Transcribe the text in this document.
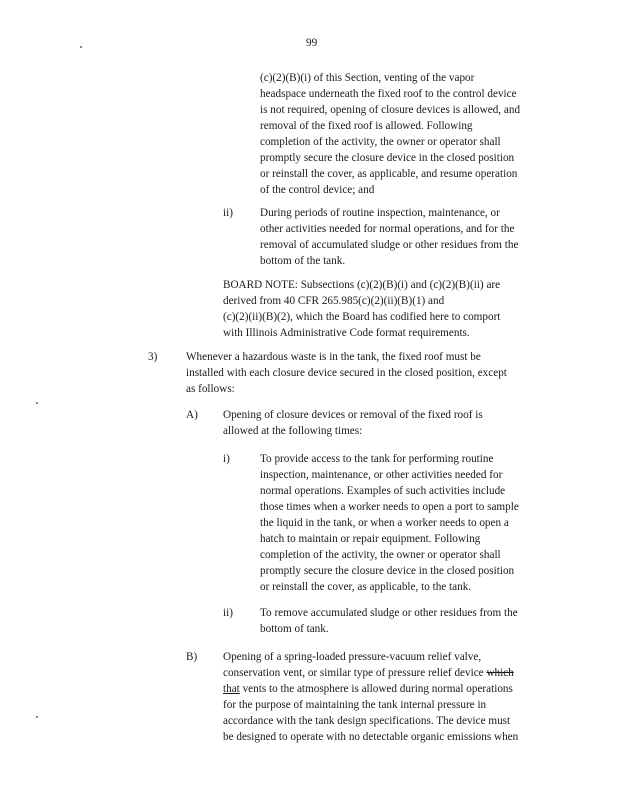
99
(c)(2)(B)(i) of this Section, venting of the vapor
headspace underneath the fixed roof to the control device
is not required, opening of closure devices is allowed, and
removal of the fixed roof is allowed. Following
completion of the activity, the owner or operator shall
promptly secure the closure device in the closed position
or reinstall the cover, as applicable, and resume operation
of the control device; and
ii) During periods of routine inspection, maintenance, or
other activities needed for normal operations, and for the
removal of accumulated sludge or other residues from the
bottom of the tank.
BOARD NOTE: Subsections (c)(2)(B)(i) and (c)(2)(B)(ii) are
derived from 40 CFR 265.985(c)(2)(ii)(B)(1) and
(c)(2)(ii)(B)(2), which the Board has codified here to comport
with Illinois Administrative Code format requirements.
3)	Whenever a hazardous waste is in the tank, the fixed roof must be
installed with each closure device secured in the closed position, except
as follows:
A) Opening of closure devices or removal of the fixed roof is
allowed at the following times:
i)	To provide access to the tank for performing routine
inspection, maintenance, or other activities needed for
normal operations. Examples of such activities include
those times when a worker needs to open a port to sample
the liquid in the tank, or when a worker needs to open a
hatch to maintain or repair equipment. Following
completion of the activity, the owner or operator shall
promptly secure the closure device in the closed position
or reinstall the cover, as applicable, to the tank.
ii) To remove accumulated sludge or other residues from the
bottom of tank.
B) Opening of a spring-loaded pressure-vacuum relief valve,
conservation vent, or similar type of pressure relief device which
that vents to the atmosphere is allowed during normal operations
for the purpose of maintaining the tank internal pressure in
accordance with the tank design specifications. The device must
be designed to operate with no detectable organic emissions when
